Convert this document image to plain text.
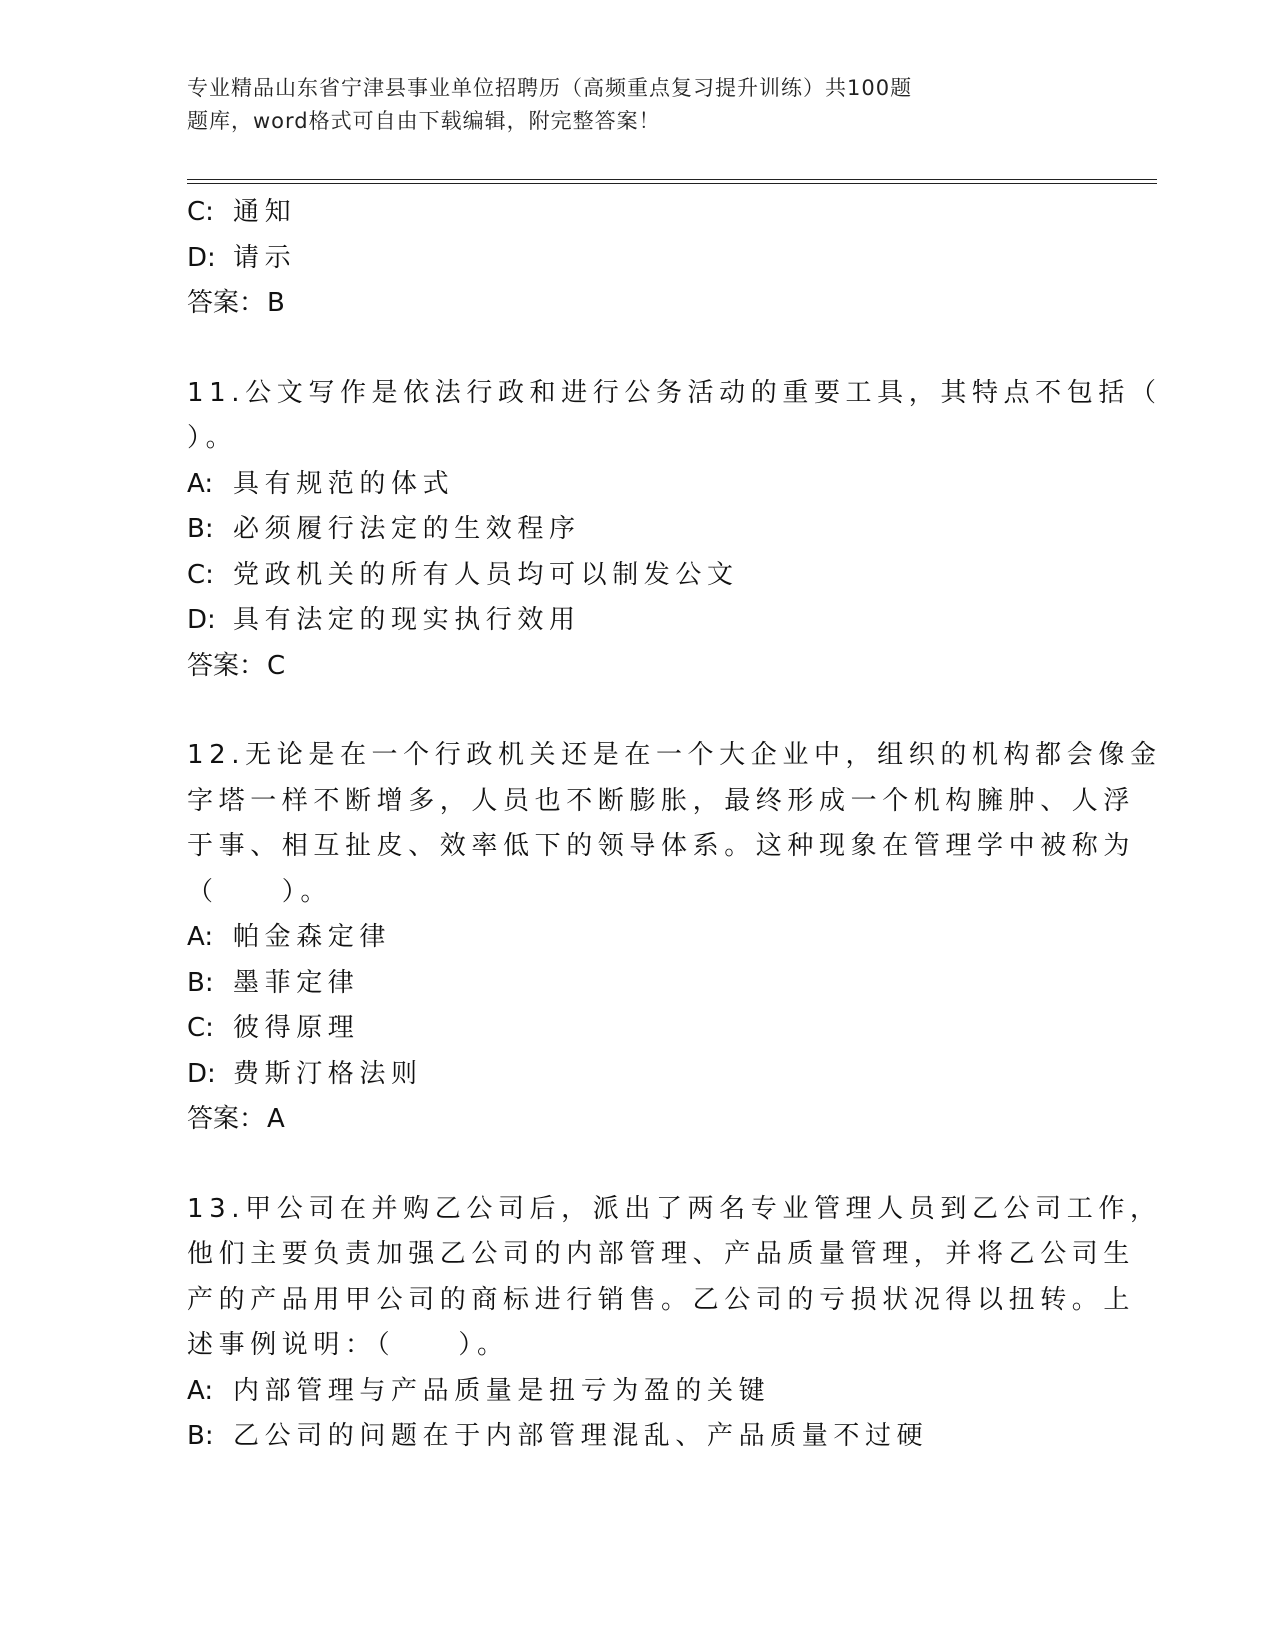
专业精品山东省宁津县事业单位招聘历（高频重点复习提升训练）共100题
题库，word格式可自由下载编辑，附完整答案！
C: 通知
D: 请示
答案：B
11.公文写作是依法行政和进行公务活动的重要工具，其特点不包括（
）。
A: 具有规范的体式
B: 必须履行法定的生效程序
C: 党政机关的所有人员均可以制发公文
D: 具有法定的现实执行效用
答案：C
12.无论是在一个行政机关还是在一个大企业中，组织的机构都会像金
字塔一样不断增多，人员也不断膨胀，最终形成一个机构臃肿、人浮
于事、相互扯皮、效率低下的领导体系。这种现象在管理学中被称为
（　　）。
A: 帕金森定律
B: 墨菲定律
C: 彼得原理
D: 费斯汀格法则
答案：A
13.甲公司在并购乙公司后，派出了两名专业管理人员到乙公司工作，
他们主要负责加强乙公司的内部管理、产品质量管理，并将乙公司生
产的产品用甲公司的商标进行销售。乙公司的亏损状况得以扭转。上
述事例说明：（　　）。
A: 内部管理与产品质量是扭亏为盈的关键
B: 乙公司的问题在于内部管理混乱、产品质量不过硬
